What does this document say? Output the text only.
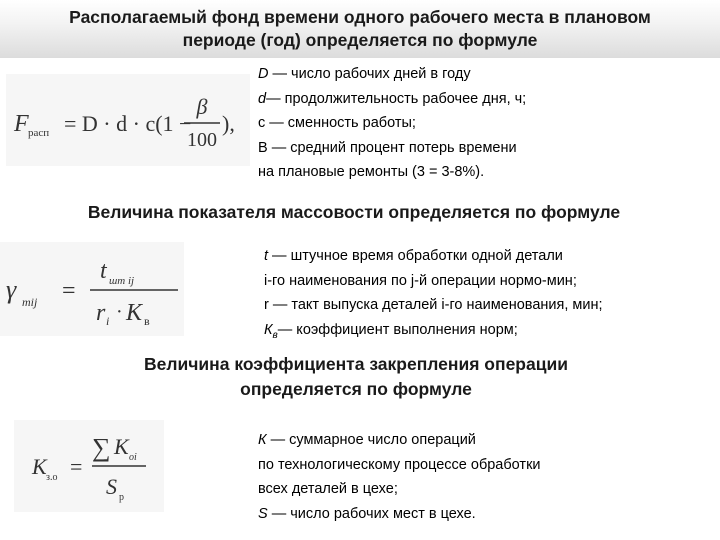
Располагаемый фонд времени одного рабочего места в плановом
периоде (год) определяется по формуле
F расп = D · d · c(1 −
β
100
),
D — число рабочих дней в году
d— продолжительность рабочее дня, ч;
с — сменность работы;
В — средний процент потерь времени
на плановые ремонты (3 = 3-8%).
Величина показателя массовости определяется по формуле
γ mij =
t шт ij
r i · K в
t — штучное время обработки одной детали
i-го наименования по j-й операции нормо-мин;
r — такт выпуска деталей i-го наименования, мин;
$К_в—$ коэффициент выполнения норм;
Величина коэффициента закрепления операции
определяется по формуле
K з.о =
∑ K оi
S р
К — суммарное число операций
по технологическому процессе обработки
всех деталей в цехе;
S — число рабочих мест в цехе.
